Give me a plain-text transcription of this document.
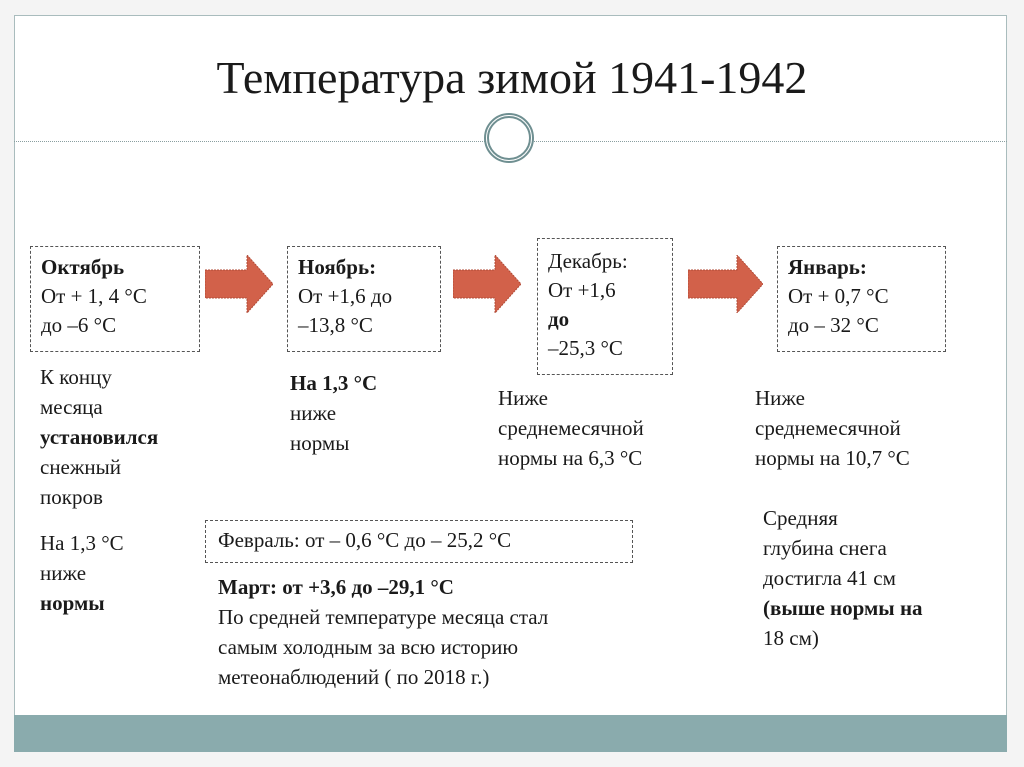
Температура зимой 1941-1942
Октябрь
От + 1, 4 °С
до –6 °С
Ноябрь:
От +1,6 до
–13,8 °С
Декабрь:
От +1,6
до
–25,3 °С
Январь:
От + 0,7 °С
до – 32 °С
К концу
месяца
установился
снежный
покров
На 1,3 °С
ниже
нормы
На 1,3 °С
ниже
нормы
Ниже
среднемесячной
нормы на 6,3 °С
Ниже
среднемесячной
нормы на 10,7 °С
Февраль: от – 0,6 °С до – 25,2 °С
Март: от +3,6 до –29,1 °С
По средней температуре месяца стал
самым холодным за всю историю
метеонаблюдений ( по 2018 г.)
Средняя
глубина снега
достигла 41 см
(выше нормы на
18 см)
